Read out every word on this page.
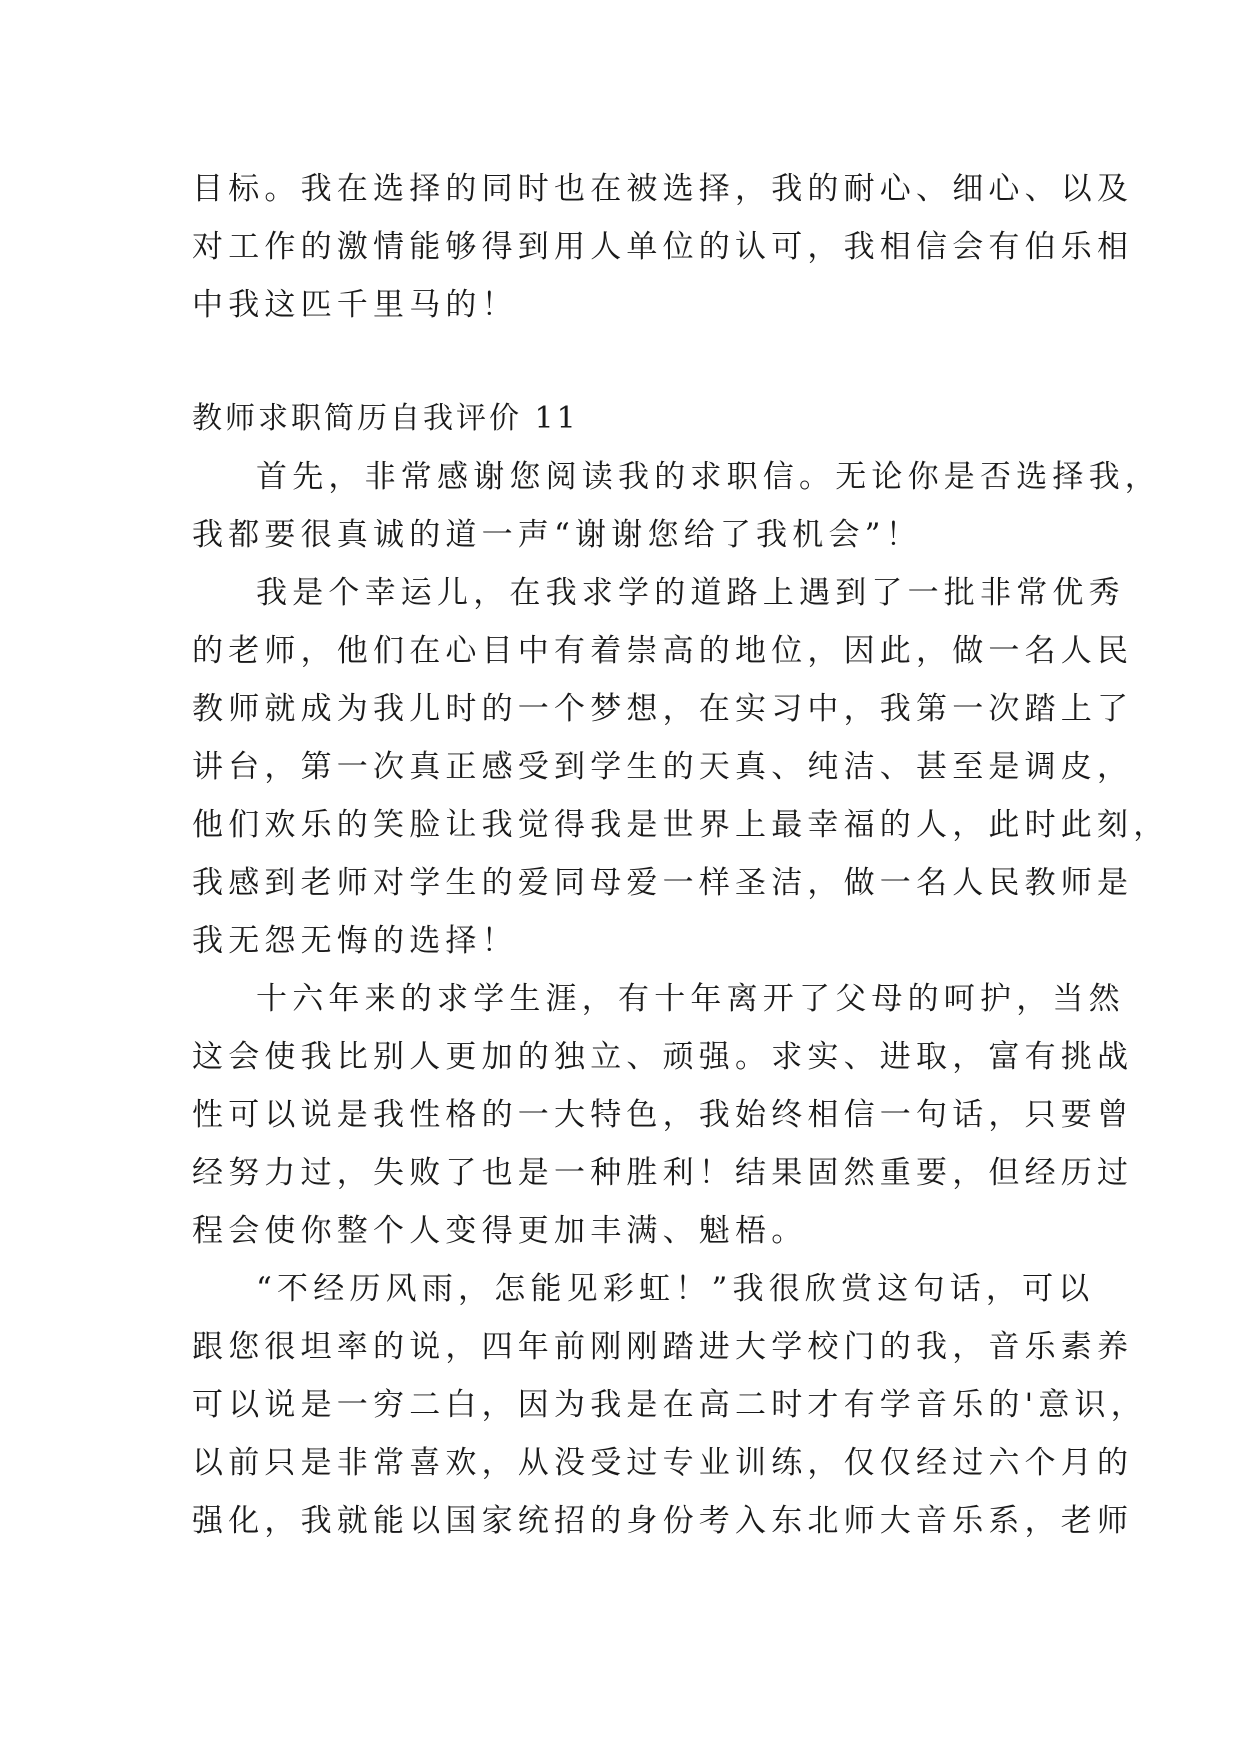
目标。我在选择的同时也在被选择，我的耐心、细心、以及
对工作的激情能够得到用人单位的认可，我相信会有伯乐相
中我这匹千里马的！
教师求职简历自我评价 11
首先，非常感谢您阅读我的求职信。无论你是否选择我，
我都要很真诚的道一声“谢谢您给了我机会”！
我是个幸运儿，在我求学的道路上遇到了一批非常优秀
的老师，他们在心目中有着崇高的地位，因此，做一名人民
教师就成为我儿时的一个梦想，在实习中，我第一次踏上了
讲台，第一次真正感受到学生的天真、纯洁、甚至是调皮，
他们欢乐的笑脸让我觉得我是世界上最幸福的人，此时此刻，
我感到老师对学生的爱同母爱一样圣洁，做一名人民教师是
我无怨无悔的选择！
十六年来的求学生涯，有十年离开了父母的呵护，当然
这会使我比别人更加的独立、顽强。求实、进取，富有挑战
性可以说是我性格的一大特色，我始终相信一句话，只要曾
经努力过，失败了也是一种胜利！结果固然重要，但经历过
程会使你整个人变得更加丰满、魁梧。
“不经历风雨，怎能见彩虹！”我很欣赏这句话，可以
跟您很坦率的说，四年前刚刚踏进大学校门的我，音乐素养
可以说是一穷二白，因为我是在高二时才有学音乐的'意识，
以前只是非常喜欢，从没受过专业训练，仅仅经过六个月的
强化，我就能以国家统招的身份考入东北师大音乐系，老师
